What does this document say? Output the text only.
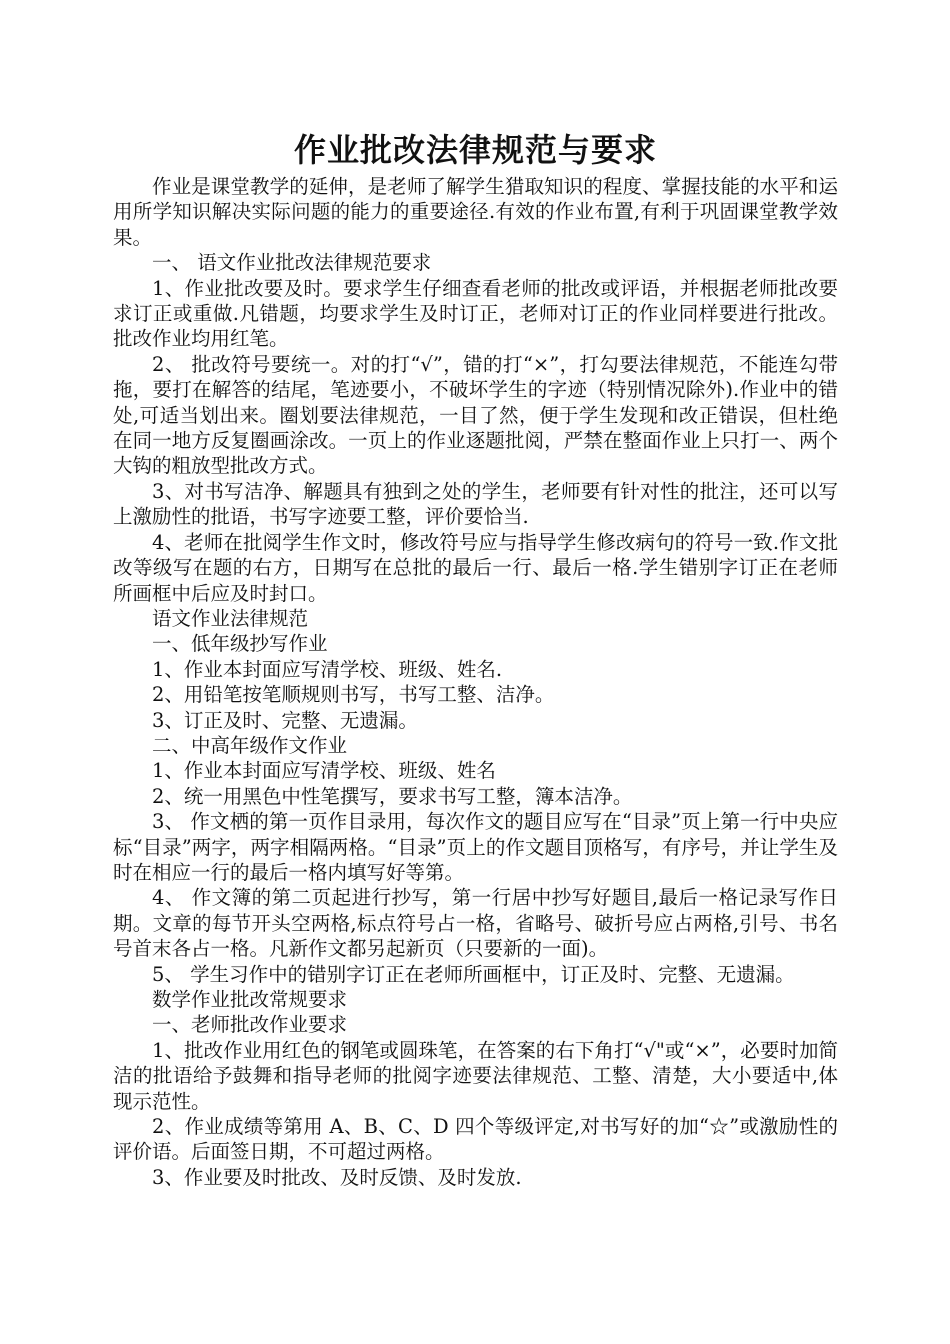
作业批改法律规范与要求

作业是课堂教学的延伸，是老师了解学生猎取知识的程度、掌握技能的水平和运用所学知识解决实际问题的能力的重要途径.有效的作业布置,有利于巩固课堂教学效果。

一、 语文作业批改法律规范要求

1、作业批改要及时。要求学生仔细查看老师的批改或评语，并根据老师批改要求订正或重做.凡错题，均要求学生及时订正，老师对订正的作业同样要进行批改。批改作业均用红笔。

2、 批改符号要统一。对的打“√”，错的打“×”，打勾要法律规范，不能连勾带拖，要打在解答的结尾，笔迹要小，不破坏学生的字迹（特别情况除外).作业中的错处,可适当划出来。圈划要法律规范，一目了然，便于学生发现和改正错误，但杜绝在同一地方反复圈画涂改。一页上的作业逐题批阅，严禁在整面作业上只打一、两个大钩的粗放型批改方式。

3、对书写洁净、解题具有独到之处的学生，老师要有针对性的批注，还可以写上激励性的批语，书写字迹要工整，评价要恰当.

4、老师在批阅学生作文时，修改符号应与指导学生修改病句的符号一致.作文批改等级写在题的右方，日期写在总批的最后一行、最后一格.学生错别字订正在老师所画框中后应及时封口。

语文作业法律规范

一、低年级抄写作业

1、作业本封面应写清学校、班级、姓名.

2、用铅笔按笔顺规则书写，书写工整、洁净。

3、订正及时、完整、无遗漏。

二、中高年级作文作业

1、作业本封面应写清学校、班级、姓名

2、统一用黑色中性笔撰写，要求书写工整，簿本洁净。

3、 作文栖的第一页作目录用，每次作文的题目应写在“目录”页上第一行中央应标“目录”两字，两字相隔两格。“目录”页上的作文题目顶格写，有序号，并让学生及时在相应一行的最后一格内填写好等第。

4、 作文簿的第二页起进行抄写，第一行居中抄写好题目,最后一格记录写作日期。文章的每节开头空两格,标点符号占一格，省略号、破折号应占两格,引号、书名号首末各占一格。凡新作文都另起新页（只要新的一面)。

5、 学生习作中的错别字订正在老师所画框中，订正及时、完整、无遗漏。

数学作业批改常规要求

一、老师批改作业要求

1、批改作业用红色的钢笔或圆珠笔，在答案的右下角打“√"或“×”，必要时加简洁的批语给予鼓舞和指导老师的批阅字迹要法律规范、工整、清楚，大小要适中,体现示范性。

2、作业成绩等第用 A、B、C、D 四个等级评定,对书写好的加“☆”或激励性的评价语。后面签日期，不可超过两格。

3、作业要及时批改、及时反馈、及时发放.
